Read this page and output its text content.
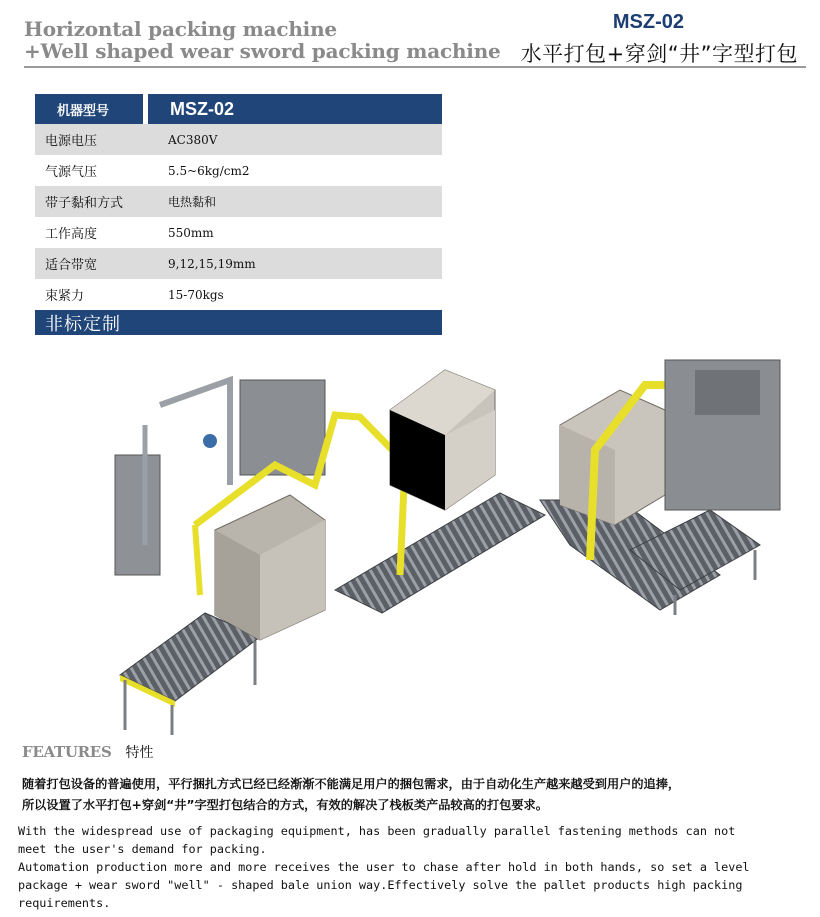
Horizontal packing machine
+Well shaped wear sword packing machine
MSZ-02
水平打包+穿剑“井”字型打包
机器型号	MSZ-02
电源电压	AC380V
气源气压	5.5~6kg/cm2
带子黏和方式	电热黏和
工作高度	550mm
适合带宽	9,12,15,19mm
束紧力	15-70kgs
非标定制
FEATURES 特性

随着打包设备的普遍使用，平行捆扎方式已经已经渐渐不能满足用户的捆包需求，由于自动化生产越来越受到用户的追捧，

所以设置了水平打包+穿剑“井”字型打包结合的方式，有效的解决了栈板类产品较高的打包要求。

With the widespread use of packaging equipment, has been gradually parallel fastening methods can not

meet the user's demand for packing.

Automation production more and more receives the user to chase after hold in both hands, so set a level

package + wear sword "well" - shaped bale union way.Effectively solve the pallet products high packing

requirements.
